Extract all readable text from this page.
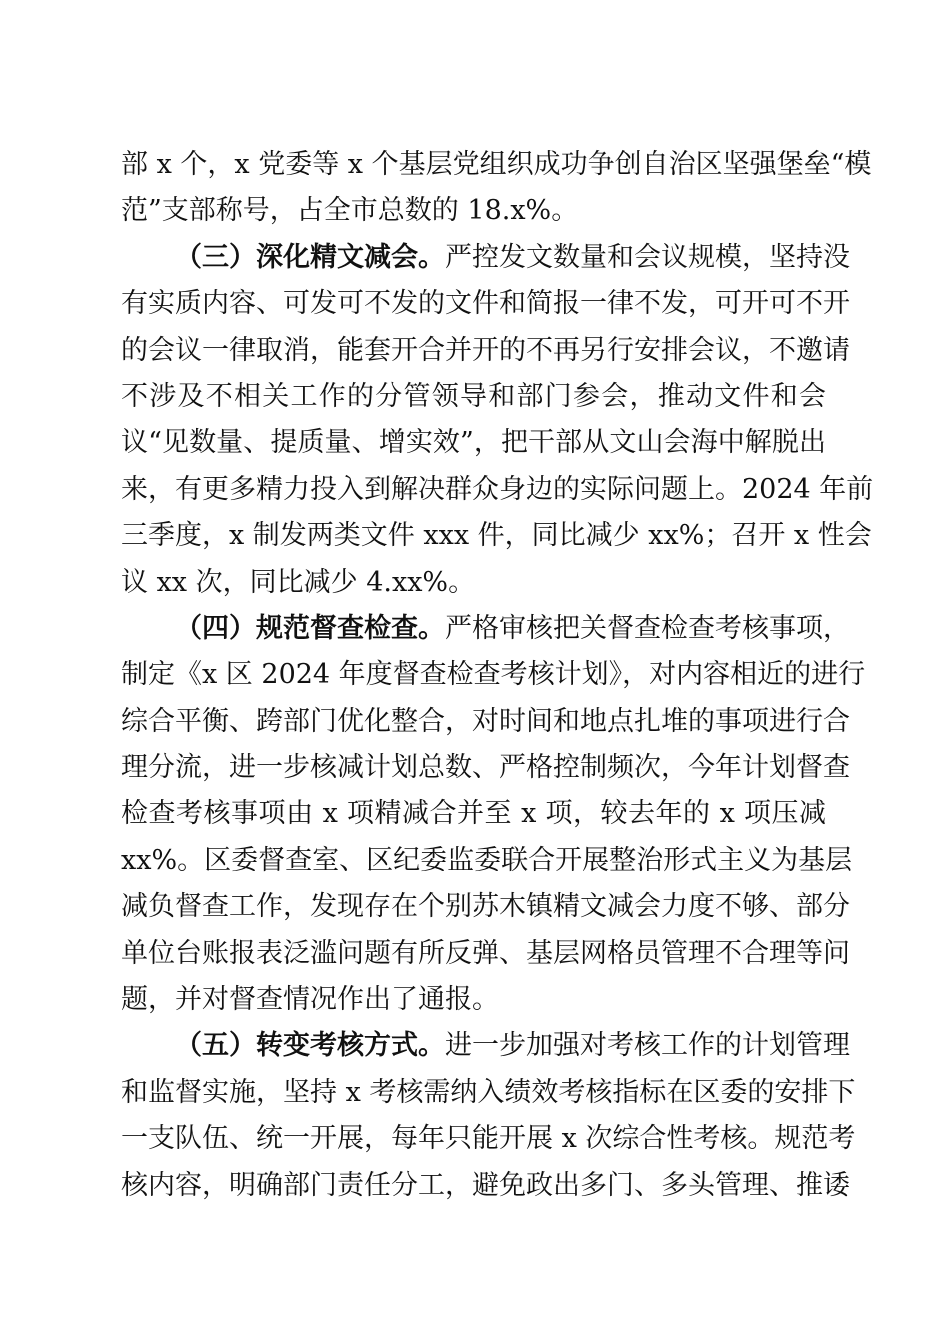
部 x 个，x 党委等 x 个基层党组织成功争创自治区坚强堡垒“模
范”支部称号，占全市总数的 18.x%。
（三）深化精文减会。严控发文数量和会议规模，坚持没
有实质内容、可发可不发的文件和简报一律不发，可开可不开
的会议一律取消，能套开合并开的不再另行安排会议，不邀请
不涉及不相关工作的分管领导和部门参会，推动文件和会
议“见数量、提质量、增实效”，把干部从文山会海中解脱出
来，有更多精力投入到解决群众身边的实际问题上。2024 年前
三季度，x 制发两类文件 xxx 件，同比减少 xx%；召开 x 性会
议 xx 次，同比减少 4.xx%。
（四）规范督查检查。严格审核把关督查检查考核事项，
制定《x 区 2024 年度督查检查考核计划》，对内容相近的进行
综合平衡、跨部门优化整合，对时间和地点扎堆的事项进行合
理分流，进一步核减计划总数、严格控制频次，今年计划督查
检查考核事项由 x 项精减合并至 x 项，较去年的 x 项压减
xx%。区委督查室、区纪委监委联合开展整治形式主义为基层
减负督查工作，发现存在个别苏木镇精文减会力度不够、部分
单位台账报表泛滥问题有所反弹、基层网格员管理不合理等问
题，并对督查情况作出了通报。
（五）转变考核方式。进一步加强对考核工作的计划管理
和监督实施，坚持 x 考核需纳入绩效考核指标在区委的安排下
一支队伍、统一开展，每年只能开展 x 次综合性考核。规范考
核内容，明确部门责任分工，避免政出多门、多头管理、推诿
